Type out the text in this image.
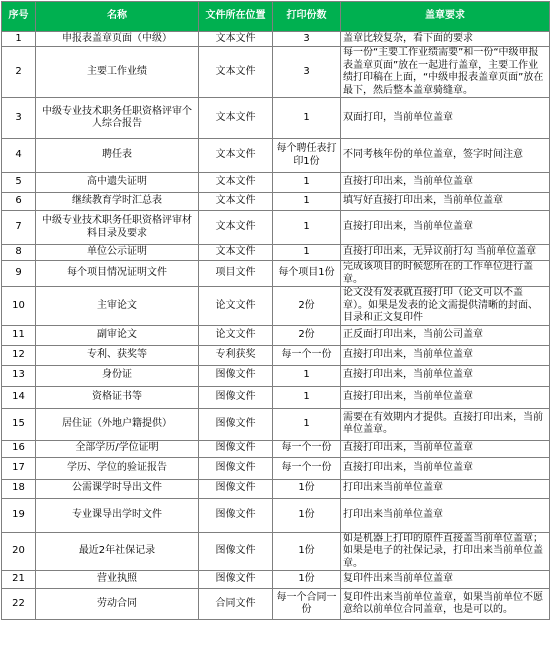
序号	名称	文件所在位置	打印份数	盖章要求
1	申报表盖章页面（中级）	文本文件	3	盖章比较复杂，看下面的要求
2	主要工作业绩	文本文件	3	每一份“主要工作业绩需要”和一份“中级申报表盖章页面”放在一起进行盖章，主要工作业绩打印稿在上面，“中级申报表盖章页面”放在最下，然后整本盖章骑缝章。
3	中级专业技术职务任职资格评审个人综合报告	文本文件	1	双面打印，当前单位盖章
4	聘任表	文本文件	每个聘任表打印1份	不同考核年份的单位盖章，签字时间注意
5	高中遗失证明	文本文件	1	直接打印出来，当前单位盖章
6	继续教育学时汇总表	文本文件	1	填写好直接打印出来，当前单位盖章
7	中级专业技术职务任职资格评审材料目录及要求	文本文件	1	直接打印出来，当前单位盖章
8	单位公示证明	文本文件	1	直接打印出来，无异议前打勾 当前单位盖章
9	每个项目情况证明文件	项目文件	每个项目1份	完成该项目的时候您所在的工作单位进行盖章。
10	主审论文	论文文件	2份	论文没有发表就直接打印（论文可以不盖章）。如果是发表的论文需提供清晰的封面、目录和正文复印件
11	副审论文	论文文件	2份	正反面打印出来，当前公司盖章
12	专利、获奖等	专利获奖	每一个一份	直接打印出来，当前单位盖章
13	身份证	图像文件	1	直接打印出来，当前单位盖章
14	资格证书等	图像文件	1	直接打印出来，当前单位盖章
15	居住证（外地户籍提供）	图像文件	1	需要在有效期内才提供。直接打印出来，当前单位盖章。
16	全部学历/学位证明	图像文件	每一个一份	直接打印出来，当前单位盖章
17	学历、学位的验证报告	图像文件	每一个一份	直接打印出来，当前单位盖章
18	公需课学时导出文件	图像文件	1份	打印出来当前单位盖章
19	专业课导出学时文件	图像文件	1份	打印出来当前单位盖章
20	最近2年社保记录	图像文件	1份	如是机器上打印的原件直接盖当前单位盖章；如果是电子的社保记录，打印出来当前单位盖章。
21	营业执照	图像文件	1份	复印件出来当前单位盖章
22	劳动合同	合同文件	每一个合同一份	复印件出来当前单位盖章，如果当前单位不愿意给以前单位合同盖章，也是可以的。
